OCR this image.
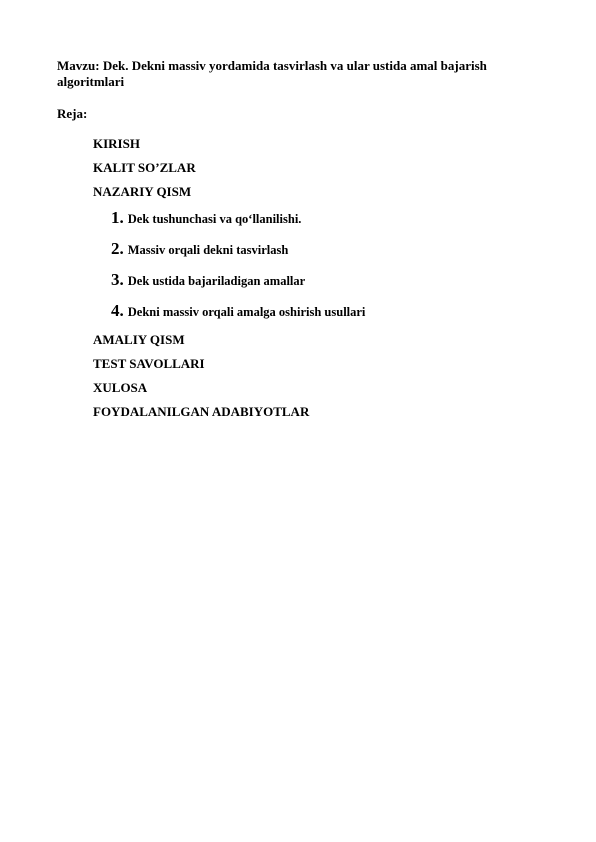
Mavzu: Dek. Dekni massiv yordamida tasvirlash va ular ustida amal bajarish algoritmlari
Reja:
KIRISH
KALIT SO’ZLAR
NAZARIY QISM
1. Dek tushunchasi va qo‘llanilishi.
2. Massiv orqali dekni tasvirlash
3. Dek ustida bajariladigan amallar
4. Dekni massiv orqali amalga oshirish usullari
AMALIY QISM
TEST SAVOLLARI
XULOSA
FOYDALANILGAN ADABIYOTLAR
